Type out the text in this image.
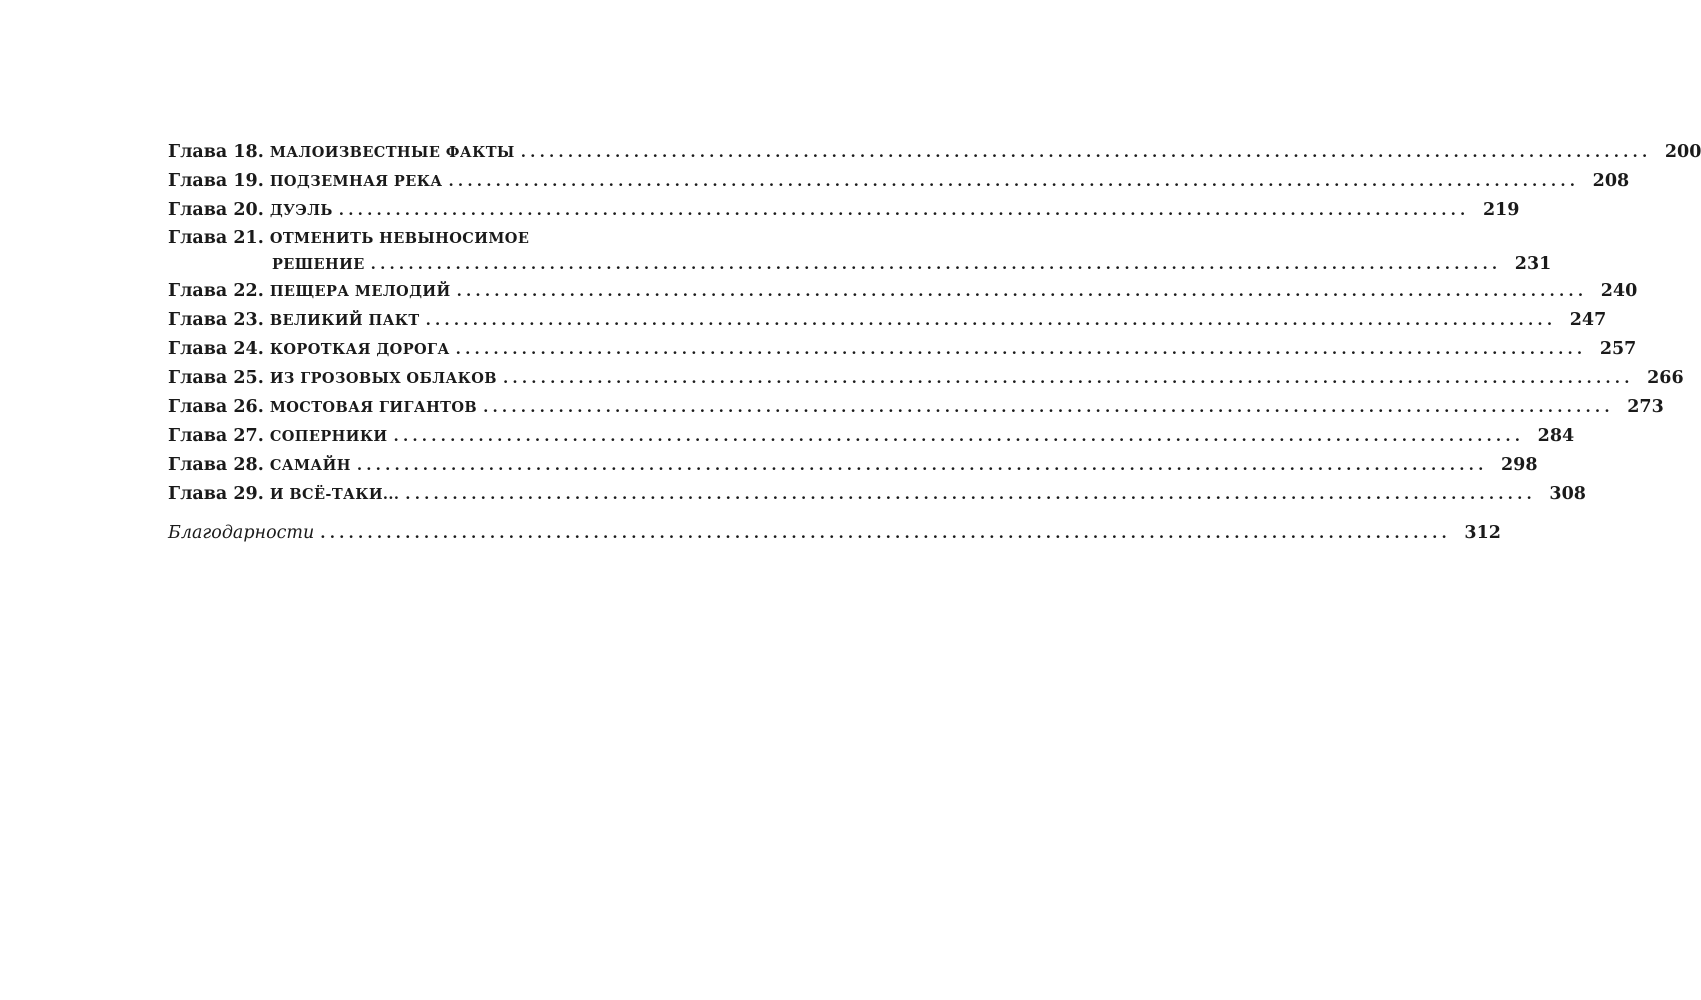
Глава 18. МАЛОИЗВЕСТНЫЕ ФАКТЫ ........................................................................................................................ 200
Глава 19. ПОДЗЕМНАЯ РЕКА ........................................................................................................................ 208
Глава 20. ДУЭЛЬ ........................................................................................................................ 219
Глава 21. ОТМЕНИТЬ НЕВЫНОСИМОЕ
РЕШЕНИЕ ........................................................................................................................ 231
Глава 22. ПЕЩЕРА МЕЛОДИЙ ........................................................................................................................ 240
Глава 23. ВЕЛИКИЙ ПАКТ ........................................................................................................................ 247
Глава 24. КОРОТКАЯ ДОРОГА ........................................................................................................................ 257
Глава 25. ИЗ ГРОЗОВЫХ ОБЛАКОВ ........................................................................................................................ 266
Глава 26. МОСТОВАЯ ГИГАНТОВ ........................................................................................................................ 273
Глава 27. СОПЕРНИКИ ........................................................................................................................ 284
Глава 28. САМАЙН ........................................................................................................................ 298
Глава 29. И ВСЁ-ТАКИ... ........................................................................................................................ 308
Благодарности ........................................................................................................................ 312
